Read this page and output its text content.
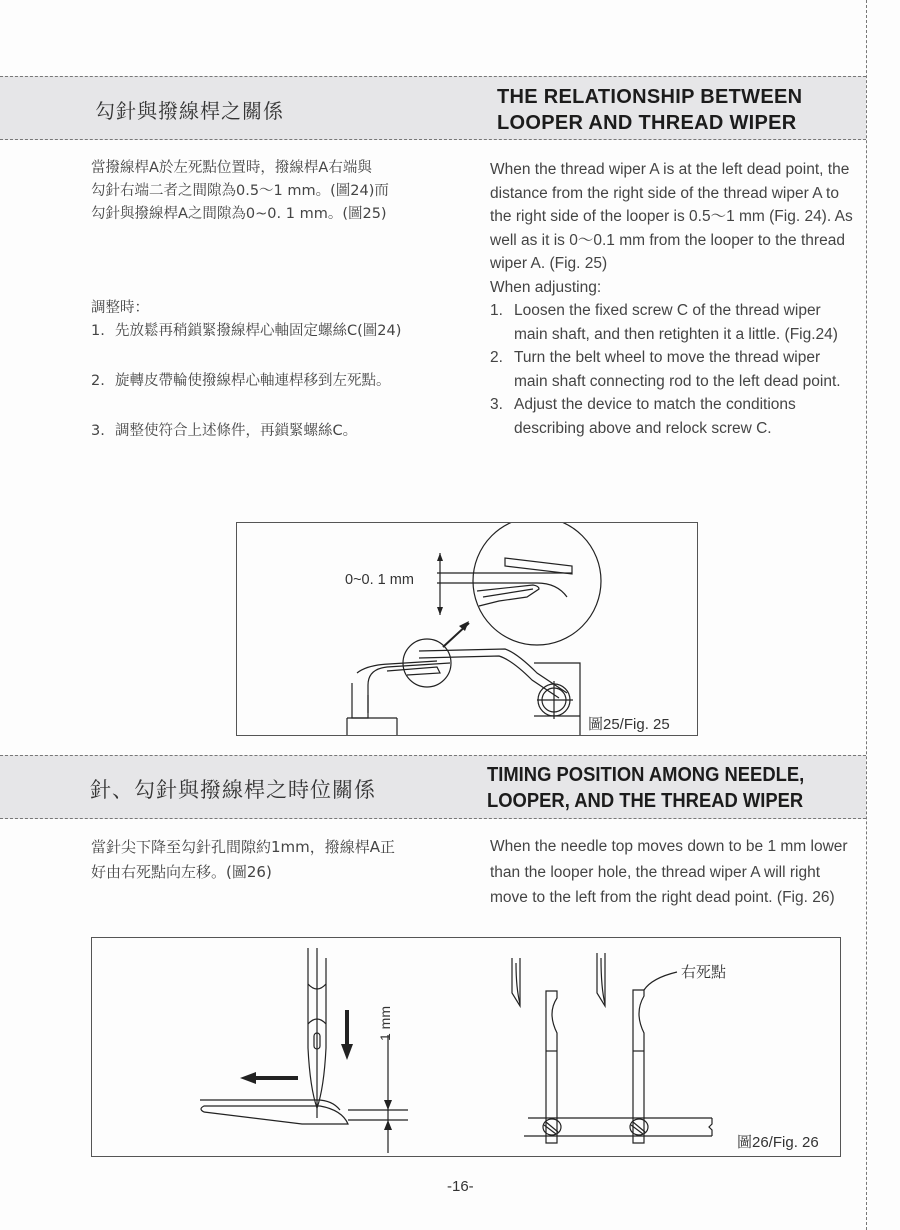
勾針與撥線桿之關係
THE RELATIONSHIP BETWEEN
LOOPER AND THREAD WIPER

當撥線桿A於左死點位置時，撥線桿A右端與

勾針右端二者之間隙為0.5～1 mm。(圖24)而

勾針與撥線桿A之間隙為0~0. 1 mm。(圖25)

調整時：

1. 先放鬆再稍鎖緊撥線桿心軸固定螺絲C(圖24)
2. 旋轉皮帶輪使撥線桿心軸連桿移到左死點。
3. 調整使符合上述條件，再鎖緊螺絲C。

When the thread wiper A is at the left dead point, the distance from the right side of the thread wiper A to the right side of the looper is 0.5～1 mm (Fig. 24). As well as it is 0～0.1 mm from the looper to the thread wiper A. (Fig. 25)

When adjusting:

1. Loosen the fixed screw C of the thread wiper main shaft, and then retighten it a little. (Fig.24)
2. Turn the belt wheel to move the thread wiper main shaft connecting rod to the left dead point.
3. Adjust the device to match the conditions describing above and relock screw C.
0~0. 1 mm
圖25/Fig. 25
針、勾針與撥線桿之時位關係
TIMING POSITION AMONG NEEDLE,
LOOPER, AND THE THREAD WIPER

當針尖下降至勾針孔間隙約1mm，撥線桿A正

好由右死點向左移。(圖26)

When the needle top moves down to be 1 mm lower than the looper hole, the thread wiper A will right move to the left from the right dead point. (Fig. 26)

1 mm
右死點
圖26/Fig. 26
-16-
